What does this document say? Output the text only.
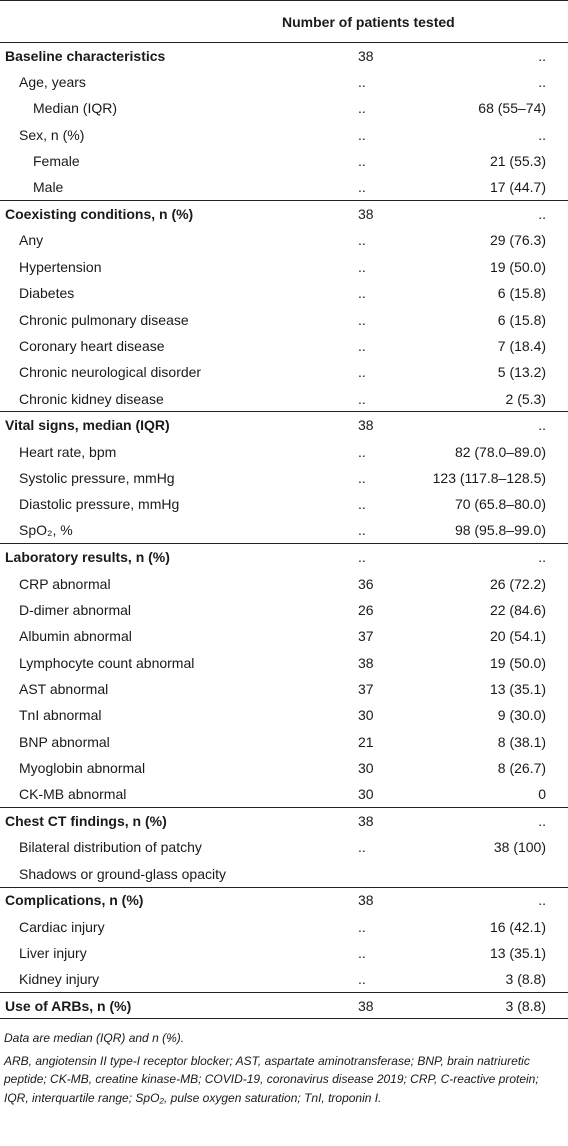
	Number of patients tested	
Baseline characteristics	38	..
Age, years	..	..
Median (IQR)	..	68 (55–74)
Sex, n (%)	..	..
Female	..	21 (55.3)
Male	..	17 (44.7)
Coexisting conditions, n (%)	38	..
Any	..	29 (76.3)
Hypertension	..	19 (50.0)
Diabetes	..	6 (15.8)
Chronic pulmonary disease	..	6 (15.8)
Coronary heart disease	..	7 (18.4)
Chronic neurological disorder	..	5 (13.2)
Chronic kidney disease	..	2 (5.3)
Vital signs, median (IQR)	38	..
Heart rate, bpm	..	82 (78.0–89.0)
Systolic pressure, mmHg	..	123 (117.8–128.5)
Diastolic pressure, mmHg	..	70 (65.8–80.0)
SpO₂, %	..	98 (95.8–99.0)
Laboratory results, n (%)	..	..
CRP abnormal	36	26 (72.2)
D-dimer abnormal	26	22 (84.6)
Albumin abnormal	37	20 (54.1)
Lymphocyte count abnormal	38	19 (50.0)
AST abnormal	37	13 (35.1)
TnI abnormal	30	9 (30.0)
BNP abnormal	21	8 (38.1)
Myoglobin abnormal	30	8 (26.7)
CK-MB abnormal	30	0
Chest CT findings, n (%)	38	..
Bilateral distribution of patchy	..	38 (100)
Shadows or ground-glass opacity		
Complications, n (%)	38	..
Cardiac injury	..	16 (42.1)
Liver injury	..	13 (35.1)
Kidney injury	..	3 (8.8)
Use of ARBs, n (%)	38	3 (8.8)

Data are median (IQR) and n (%).

ARB, angiotensin II type-I receptor blocker; AST, aspartate aminotransferase; BNP, brain natriuretic peptide; CK-MB, creatine kinase-MB; COVID-19, coronavirus disease 2019; CRP, C-reactive protein; IQR, interquartile range; SpO₂, pulse oxygen saturation; TnI, troponin I.
